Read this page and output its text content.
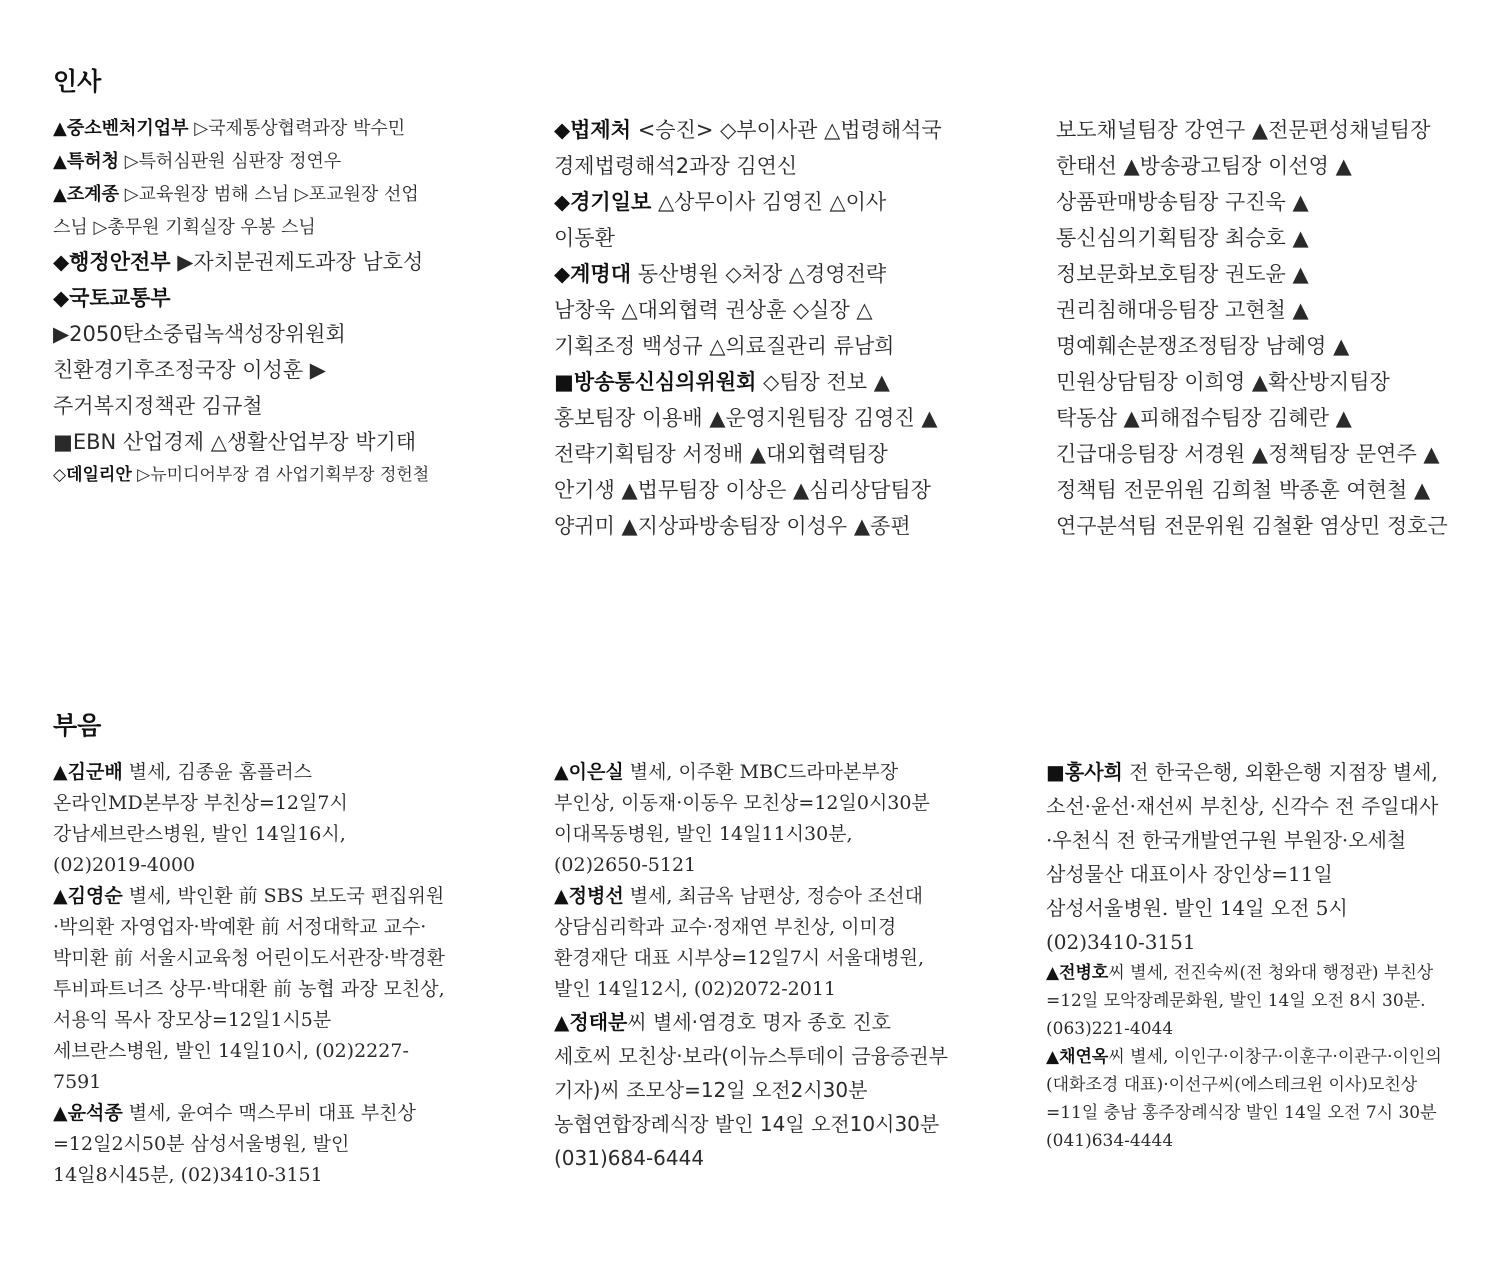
인사

▲중소벤처기업부 ▷국제통상협력과장 박수민

▲특허청 ▷특허심판원 심판장 정연우

▲조계종 ▷교육원장 범해 스님 ▷포교원장 선업 스님 ▷총무원 기획실장 우봉 스님

◆행정안전부 ▶자치분권제도과장 남호성

◆국토교통부 ▶2050탄소중립녹색성장위원회 친환경기후조정국장 이성훈 ▶주거복지정책관 김규철

■EBN 산업경제 △생활산업부장 박기태

◇데일리안 ▷뉴미디어부장 겸 사업기획부장 정헌철

◆법제처 <승진> ◇부이사관 △법령해석국 경제법령해석2과장 김연신

◆경기일보 △상무이사 김영진 △이사 이동환

◆계명대 동산병원 ◇처장 △경영전략 남창욱 △대외협력 권상훈 ◇실장 △기획조정 백성규 △의료질관리 류남희

■방송통신심의위원회 ◇팀장 전보 ▲홍보팀장 이용배 ▲운영지원팀장 김영진 ▲전략기획팀장 서정배 ▲대외협력팀장 안기생 ▲법무팀장 이상은 ▲심리상담팀장 양귀미 ▲지상파방송팀장 이성우 ▲종편

보도채널팀장 강연구 ▲전문편성채널팀장 한태선 ▲방송광고팀장 이선영 ▲상품판매방송팀장 구진욱 ▲통신심의기획팀장 최승호 ▲정보문화보호팀장 권도윤 ▲권리침해대응팀장 고현철 ▲명예훼손분쟁조정팀장 남혜영 ▲민원상담팀장 이희영 ▲확산방지팀장 탁동삼 ▲피해접수팀장 김혜란 ▲긴급대응팀장 서경원 ▲정책팀장 문연주 ▲정책팀 전문위원 김희철 박종훈 여현철 ▲연구분석팀 전문위원 김철환 염상민 정호근

부음

▲김군배 별세, 김종윤 홈플러스 온라인MD본부장 부친상=12일7시 강남세브란스병원, 발인 14일16시, (02)2019-4000

▲김영순 별세, 박인환 前 SBS 보도국 편집위원·박의환 자영업자·박예환 前 서정대학교 교수·박미환 前 서울시교육청 어린이도서관장·박경환 투비파트너즈 상무·박대환 前 농협 과장 모친상, 서용익 목사 장모상=12일1시5분 세브란스병원, 발인 14일10시, (02)2227-7591

▲윤석종 별세, 윤여수 맥스무비 대표 부친상=12일2시50분 삼성서울병원, 발인 14일8시45분, (02)3410-3151

▲이은실 별세, 이주환 MBC드라마본부장 부인상, 이동재·이동우 모친상=12일0시30분 이대목동병원, 발인 14일11시30분, (02)2650-5121

▲정병선 별세, 최금옥 남편상, 정승아 조선대 상담심리학과 교수·정재연 부친상, 이미경 환경재단 대표 시부상=12일7시 서울대병원, 발인 14일12시, (02)2072-2011

▲정태분씨 별세·염경호 명자 종호 진호 세호씨 모친상·보라(이뉴스투데이 금융증권부 기자)씨 조모상=12일 오전2시30분 농협연합장례식장 발인 14일 오전10시30분 (031)684-6444

■홍사희 전 한국은행, 외환은행 지점장 별세, 소선·윤선·재선씨 부친상, 신각수 전 주일대사·우천식 전 한국개발연구원 부원장·오세철 삼성물산 대표이사 장인상=11일 삼성서울병원. 발인 14일 오전 5시 (02)3410-3151

▲전병호씨 별세, 전진숙씨(전 청와대 행정관) 부친상=12일 모악장례문화원, 발인 14일 오전 8시 30분. (063)221-4044

▲채연옥씨 별세, 이인구·이창구·이훈구·이관구·이인의(대화조경 대표)·이선구씨(에스테크윈 이사)모친상=11일 충남 홍주장례식장 발인 14일 오전 7시 30분 (041)634-4444
